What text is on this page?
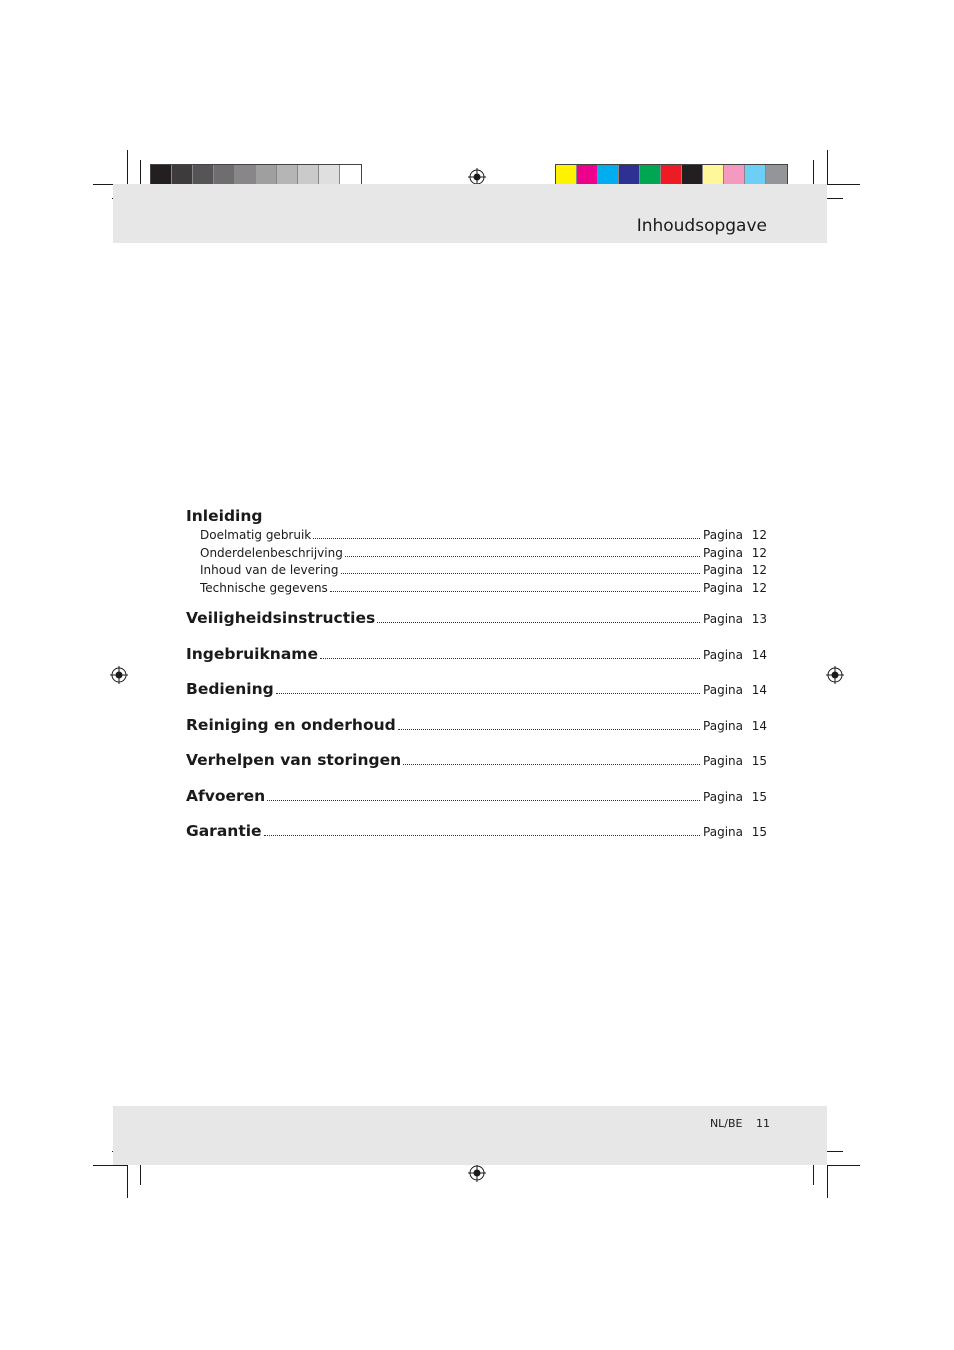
Inhoudsopgave
Inleiding
Doelmatig gebruik	Pagina 12
Onderdelenbeschrijving	Pagina 12
Inhoud van de levering	Pagina 12
Technische gegevens	Pagina 12
Veiligheidsinstructies	Pagina 13
Ingebruikname	Pagina 14
Bediening	Pagina 14
Reiniging en onderhoud	Pagina 14
Verhelpen van storingen	Pagina 15
Afvoeren	Pagina 15
Garantie	Pagina 15
NL/BE 11
